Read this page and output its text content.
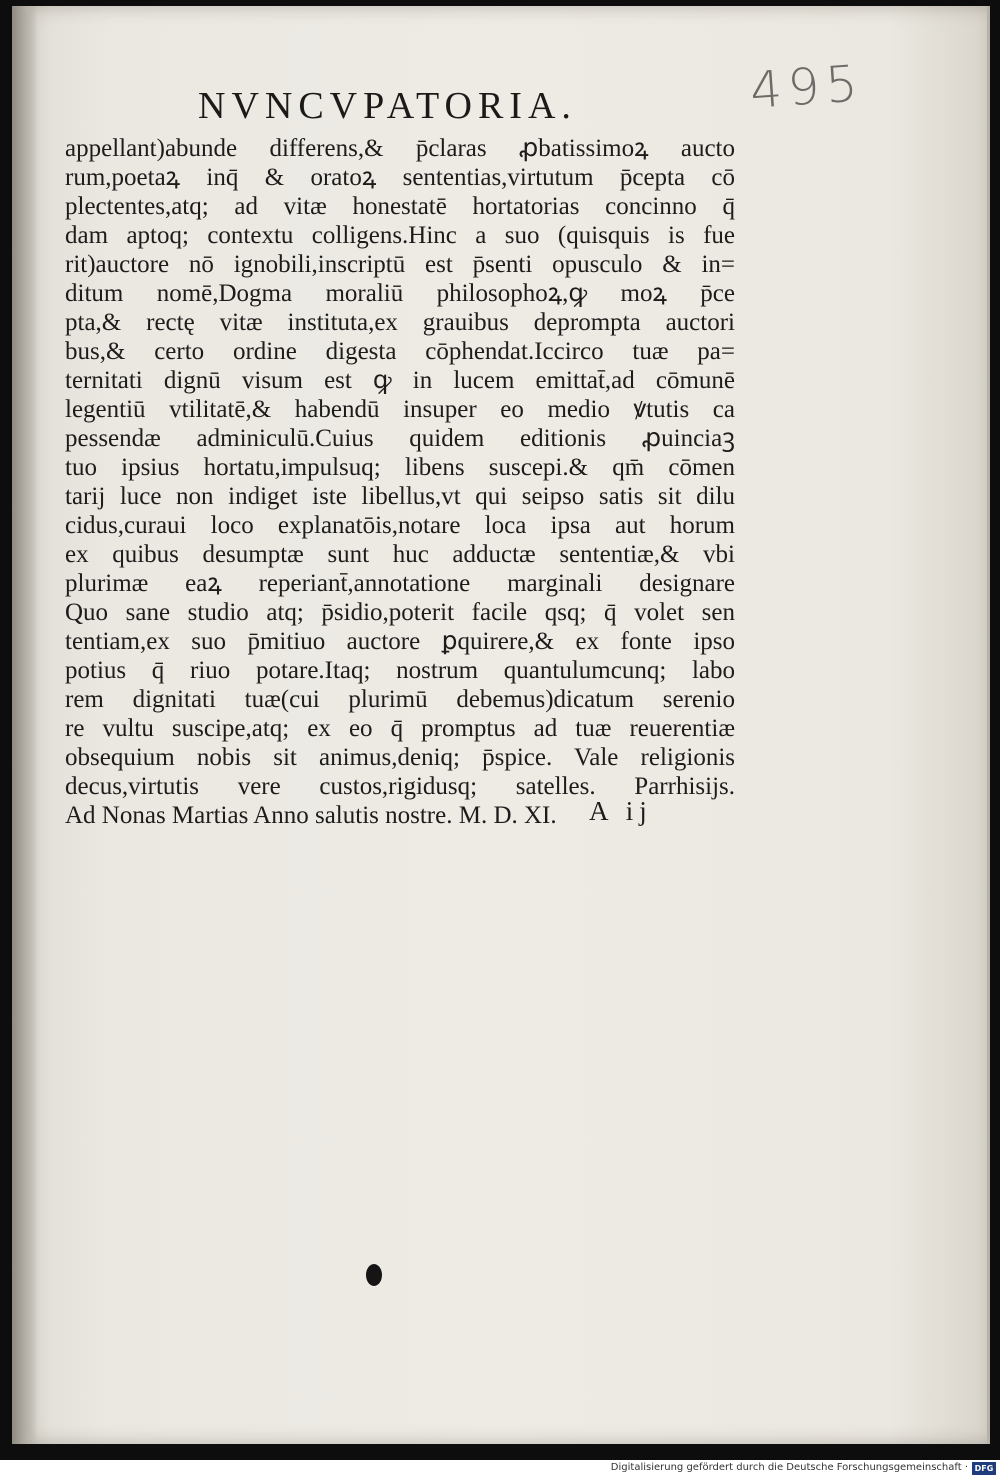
495
NVNCVPATORIA.
appellant)abunde differens,& p̄claras ꝓbatissimoꝝ aucto
rum,poetaꝝ inq̄ & oratoꝝ sententias,virtutum p̄cepta cō
plectentes,atq; ad vitæ honestatē hortatorias concinno q̄
dam aptoq; contextu colligens.Hinc a suo (quisquis is fue
rit)auctore nō ignobili,inscriptū est p̄senti opusculo & in=
ditum nomē,Dogma moraliū philosophoꝝ,ꝙ moꝝ p̄ce
pta,& rectę vitæ instituta,ex grauibus deprompta auctori
bus,& certo ordine digesta cōphendat.Iccirco tuæ pa=
ternitati dignū visum est ꝙ in lucem emittat̄,ad cōmunē
legentiū vtilitatē,& habendū insuper eo medio ꝟtutis ca
pessendæ adminiculū.Cuius quidem editionis ꝓuinciaꝫ
tuo ipsius hortatu,impulsuq; libens suscepi.& qm̄ cōmen
tarij luce non indiget iste libellus,vt qui seipso satis sit dilu
cidus,curaui loco explanatōis,notare loca ipsa aut horum
ex quibus desumptæ sunt huc adductæ sententiæ,& vbi
plurimæ eaꝝ reperiant̄,annotatione marginali designare
Quo sane studio atq; p̄sidio,poterit facile qsq; q̄ volet sen
tentiam,ex suo p̄mitiuo auctore ꝑquirere,& ex fonte ipso
potius q̄ riuo potare.Itaq; nostrum quantulumcunq; labo
rem dignitati tuæ(cui plurimū debemus)dicatum serenio
re vultu suscipe,atq; ex eo q̄ promptus ad tuæ reuerentiæ
obsequium nobis sit animus,deniq; p̄spice. Vale religionis
decus,virtutis vere custos,rigidusq; satelles. Parrhisijs.
Ad Nonas Martias Anno salutis nostre. M. D. XI.	A ij
Digitalisierung gefördert durch die Deutsche Forschungsgemeinschaft · DFG
